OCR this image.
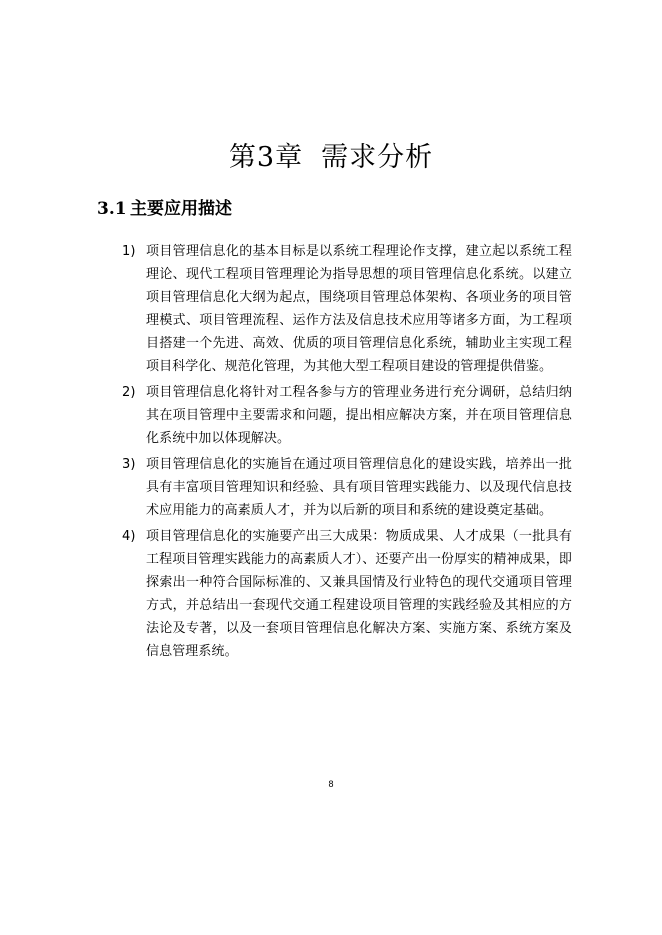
第3章 需求分析
3.1 主要应用描述
1) 项目管理信息化的基本目标是以系统工程理论作支撑，建立起以系统工程理论、现代工程项目管理理论为指导思想的项目管理信息化系统。以建立项目管理信息化大纲为起点，围绕项目管理总体架构、各项业务的项目管理模式、项目管理流程、运作方法及信息技术应用等诸多方面，为工程项目搭建一个先进、高效、优质的项目管理信息化系统，辅助业主实现工程项目科学化、规范化管理，为其他大型工程项目建设的管理提供借鉴。
2) 项目管理信息化将针对工程各参与方的管理业务进行充分调研，总结归纳其在项目管理中主要需求和问题，提出相应解决方案，并在项目管理信息化系统中加以体现解决。
3) 项目管理信息化的实施旨在通过项目管理信息化的建设实践，培养出一批具有丰富项目管理知识和经验、具有项目管理实践能力、以及现代信息技术应用能力的高素质人才，并为以后新的项目和系统的建设奠定基础。
4) 项目管理信息化的实施要产出三大成果：物质成果、人才成果（一批具有工程项目管理实践能力的高素质人才）、还要产出一份厚实的精神成果，即探索出一种符合国际标准的、又兼具国情及行业特色的现代交通项目管理方式，并总结出一套现代交通工程建设项目管理的实践经验及其相应的方法论及专著，以及一套项目管理信息化解决方案、实施方案、系统方案及信息管理系统。
8
